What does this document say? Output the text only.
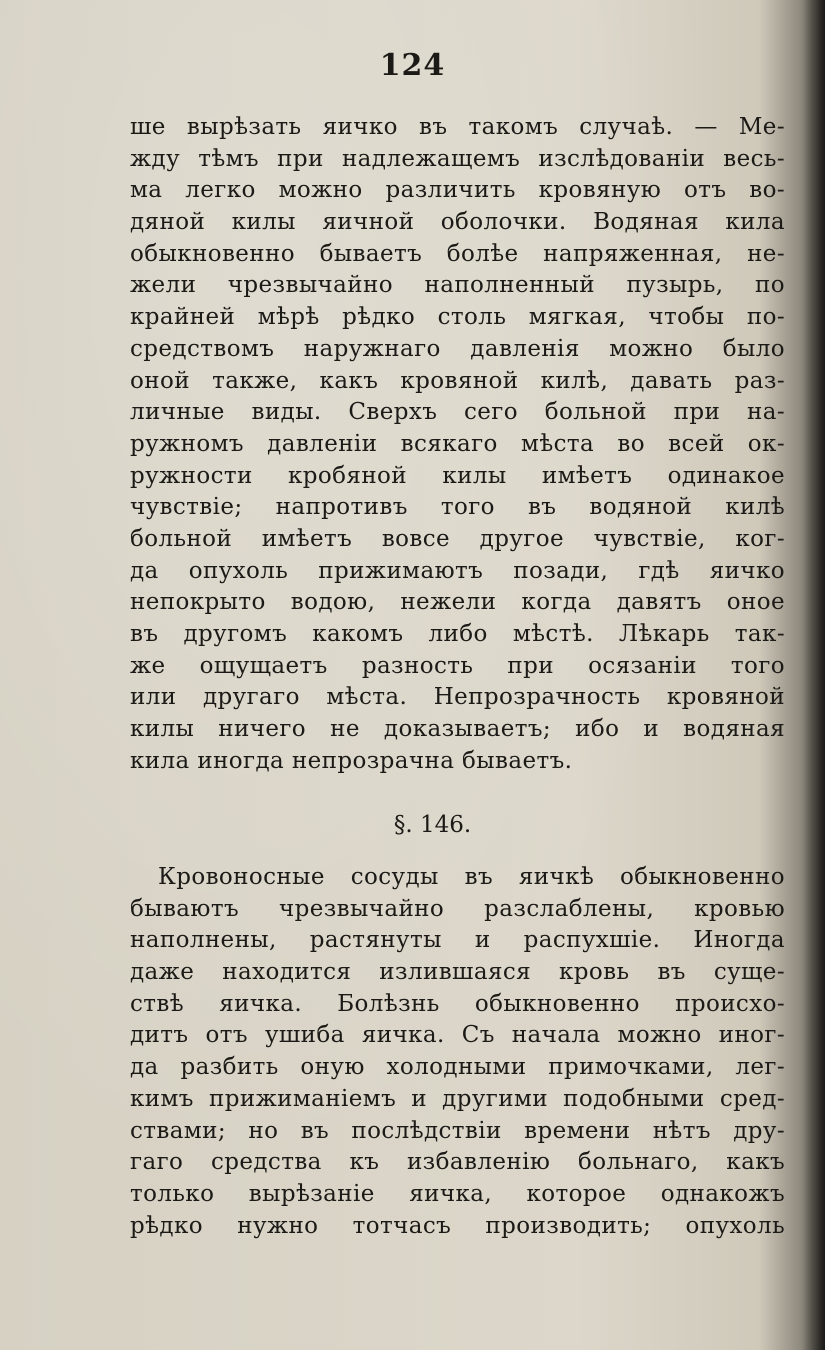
124
ше вырѣзать яичко въ такомъ случаѣ. — Ме-
жду тѣмъ при надлежащемъ изслѣдованіи весь-
ма легко можно различить кровяную отъ во-
дяной килы яичной оболочки. Водяная кила
обыкновенно бываетъ болѣе напряженная, не-
жели чрезвычайно наполненный пузырь, по
крайней мѣрѣ рѣдко столь мягкая, чтобы по-
средствомъ наружнаго давленія можно было
оной также, какъ кровяной килѣ, давать раз-
личные виды. Сверхъ сего больной при на-
ружномъ давленіи всякаго мѣста во всей ок-
ружности кробяной килы имѣетъ одинакое
чувствіе; напротивъ того въ водяной килѣ
больной имѣетъ вовсе другое чувствіе, ког-
да опухоль прижимаютъ позади, гдѣ яичко
непокрыто водою, нежели когда давятъ оное
въ другомъ какомъ либо мѣстѣ. Лѣкарь так-
же ощущаетъ разность при осязаніи того
или другаго мѣста. Непрозрачность кровяной
килы ничего не доказываетъ; ибо и водяная
кила иногда непрозрачна бываетъ.
§. 146.
Кровоносные сосуды въ яичкѣ обыкновенно
бываютъ чрезвычайно разслаблены, кровью
наполнены, растянуты и распухшіе. Иногда
даже находится излившаяся кровь въ суще-
ствѣ яичка. Болѣзнь обыкновенно происхо-
дитъ отъ ушиба яичка. Съ начала можно иног-
да разбить оную холодными примочками, лег-
кимъ прижиманіемъ и другими подобными сред-
ствами; но въ послѣдствіи времени нѣтъ дру-
гаго средства къ избавленію больнаго, какъ
только вырѣзаніе яичка, которое однакожъ
рѣдко нужно тотчасъ производить; опухоль
